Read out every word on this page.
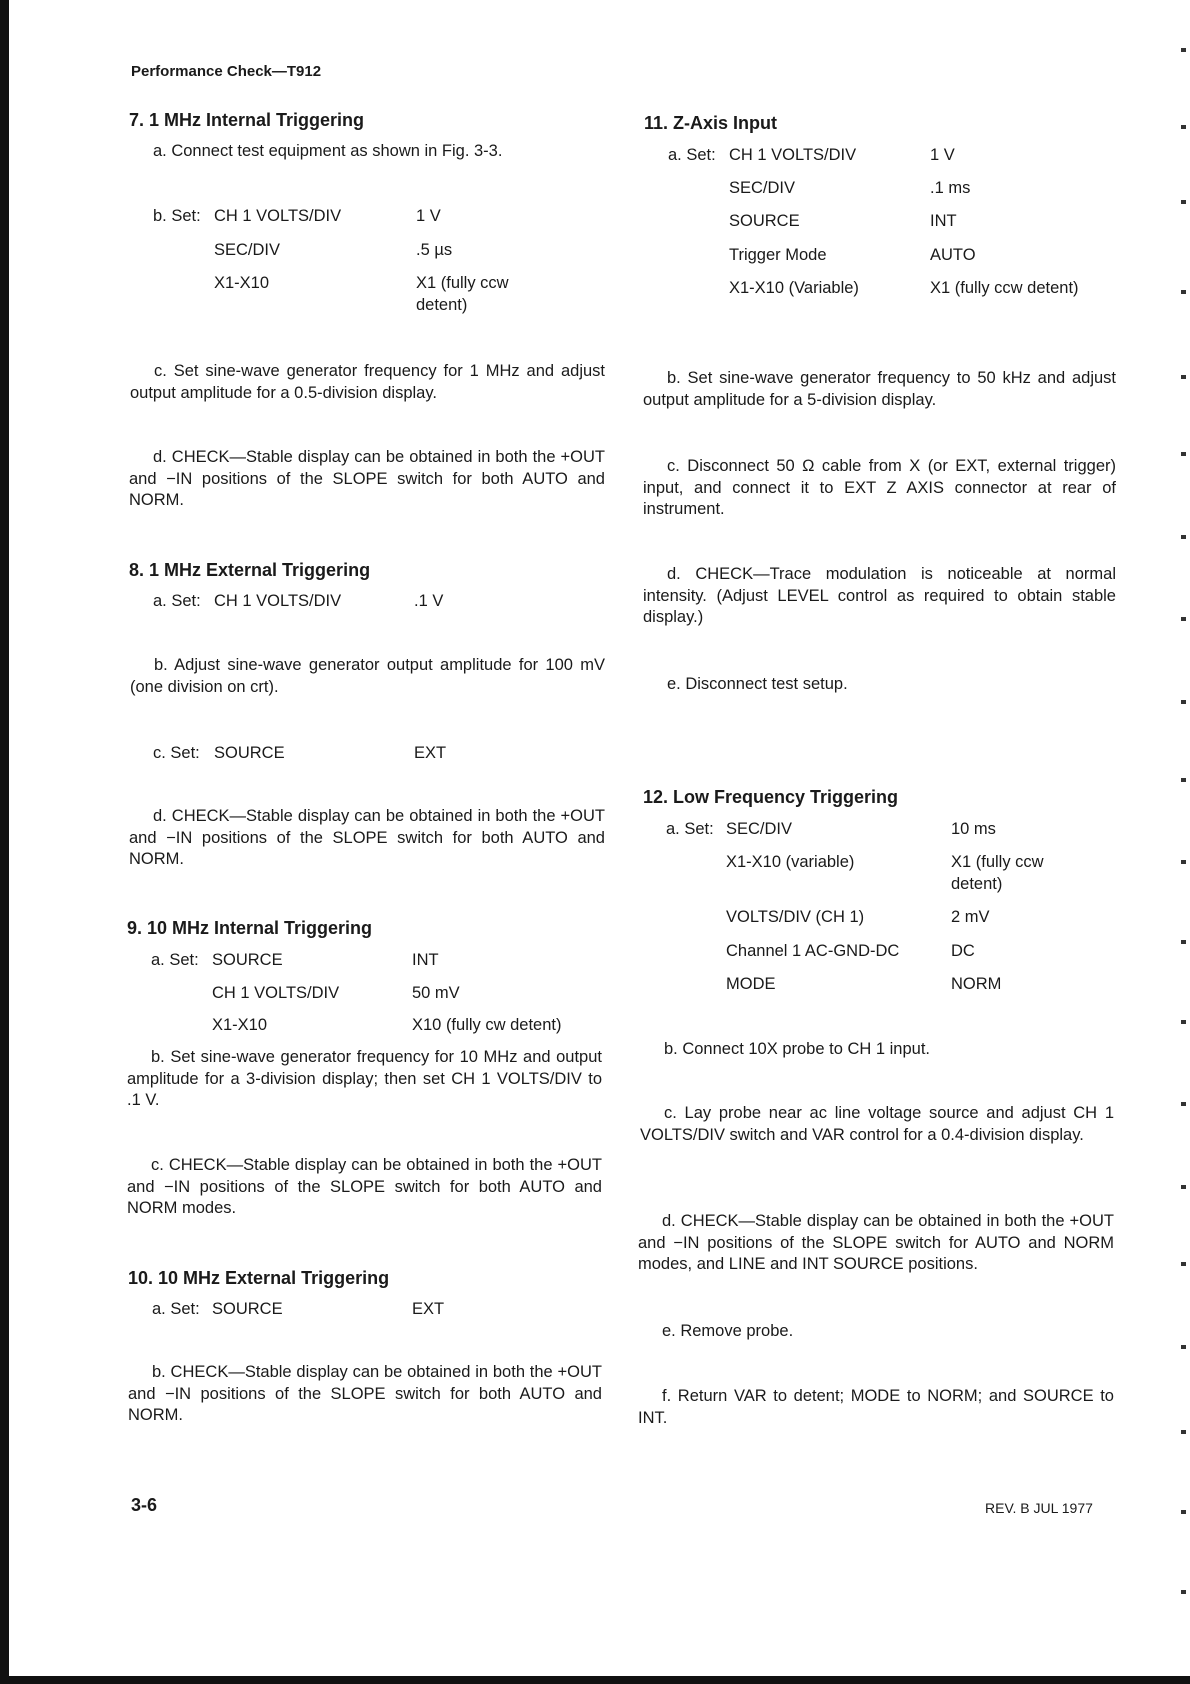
Performance Check—T912
7. 1 MHz Internal Triggering
a. Connect test equipment as shown in Fig. 3-3.
b. Set: CH 1 VOLTS/DIV	1 V
SEC/DIV	.5 µs
X1-X10	X1 (fully ccw
detent)
c. Set sine-wave generator frequency for 1 MHz and adjust output amplitude for a 0.5-division display.
d. CHECK—Stable display can be obtained in both the +OUT and −IN positions of the SLOPE switch for both AUTO and NORM.
8. 1 MHz External Triggering
a. Set: CH 1 VOLTS/DIV	.1 V
b. Adjust sine-wave generator output amplitude for 100 mV (one division on crt).
c. Set: SOURCE	EXT
d. CHECK—Stable display can be obtained in both the +OUT and −IN positions of the SLOPE switch for both AUTO and NORM.
9. 10 MHz Internal Triggering
a. Set: SOURCE	INT
CH 1 VOLTS/DIV	50 mV
X1-X10	X10 (fully cw detent)
b. Set sine-wave generator frequency for 10 MHz and output amplitude for a 3-division display; then set CH 1 VOLTS/DIV to .1 V.
c. CHECK—Stable display can be obtained in both the +OUT and −IN positions of the SLOPE switch for both AUTO and NORM modes.
10. 10 MHz External Triggering
a. Set: SOURCE	EXT
b. CHECK—Stable display can be obtained in both the +OUT and −IN positions of the SLOPE switch for both AUTO and NORM.
11. Z-Axis Input
a. Set: CH 1 VOLTS/DIV	1 V
SEC/DIV	.1 ms
SOURCE	INT
Trigger Mode	AUTO
X1-X10 (Variable)	X1 (fully ccw detent)
b. Set sine-wave generator frequency to 50 kHz and adjust output amplitude for a 5-division display.
c. Disconnect 50 Ω cable from X (or EXT, external trigger) input, and connect it to EXT Z AXIS connector at rear of instrument.
d. CHECK—Trace modulation is noticeable at normal intensity. (Adjust LEVEL control as required to obtain stable display.)
e. Disconnect test setup.
12. Low Frequency Triggering
a. Set: SEC/DIV	10 ms
X1-X10 (variable)	X1 (fully ccw
detent)
VOLTS/DIV (CH 1)	2 mV
Channel 1 AC-GND-DC	DC
MODE	NORM
b. Connect 10X probe to CH 1 input.
c. Lay probe near ac line voltage source and adjust CH 1 VOLTS/DIV switch and VAR control for a 0.4-division display.
d. CHECK—Stable display can be obtained in both the +OUT and −IN positions of the SLOPE switch for AUTO and NORM modes, and LINE and INT SOURCE positions.
e. Remove probe.
f. Return VAR to detent; MODE to NORM; and SOURCE to INT.
3-6	REV. B JUL 1977
